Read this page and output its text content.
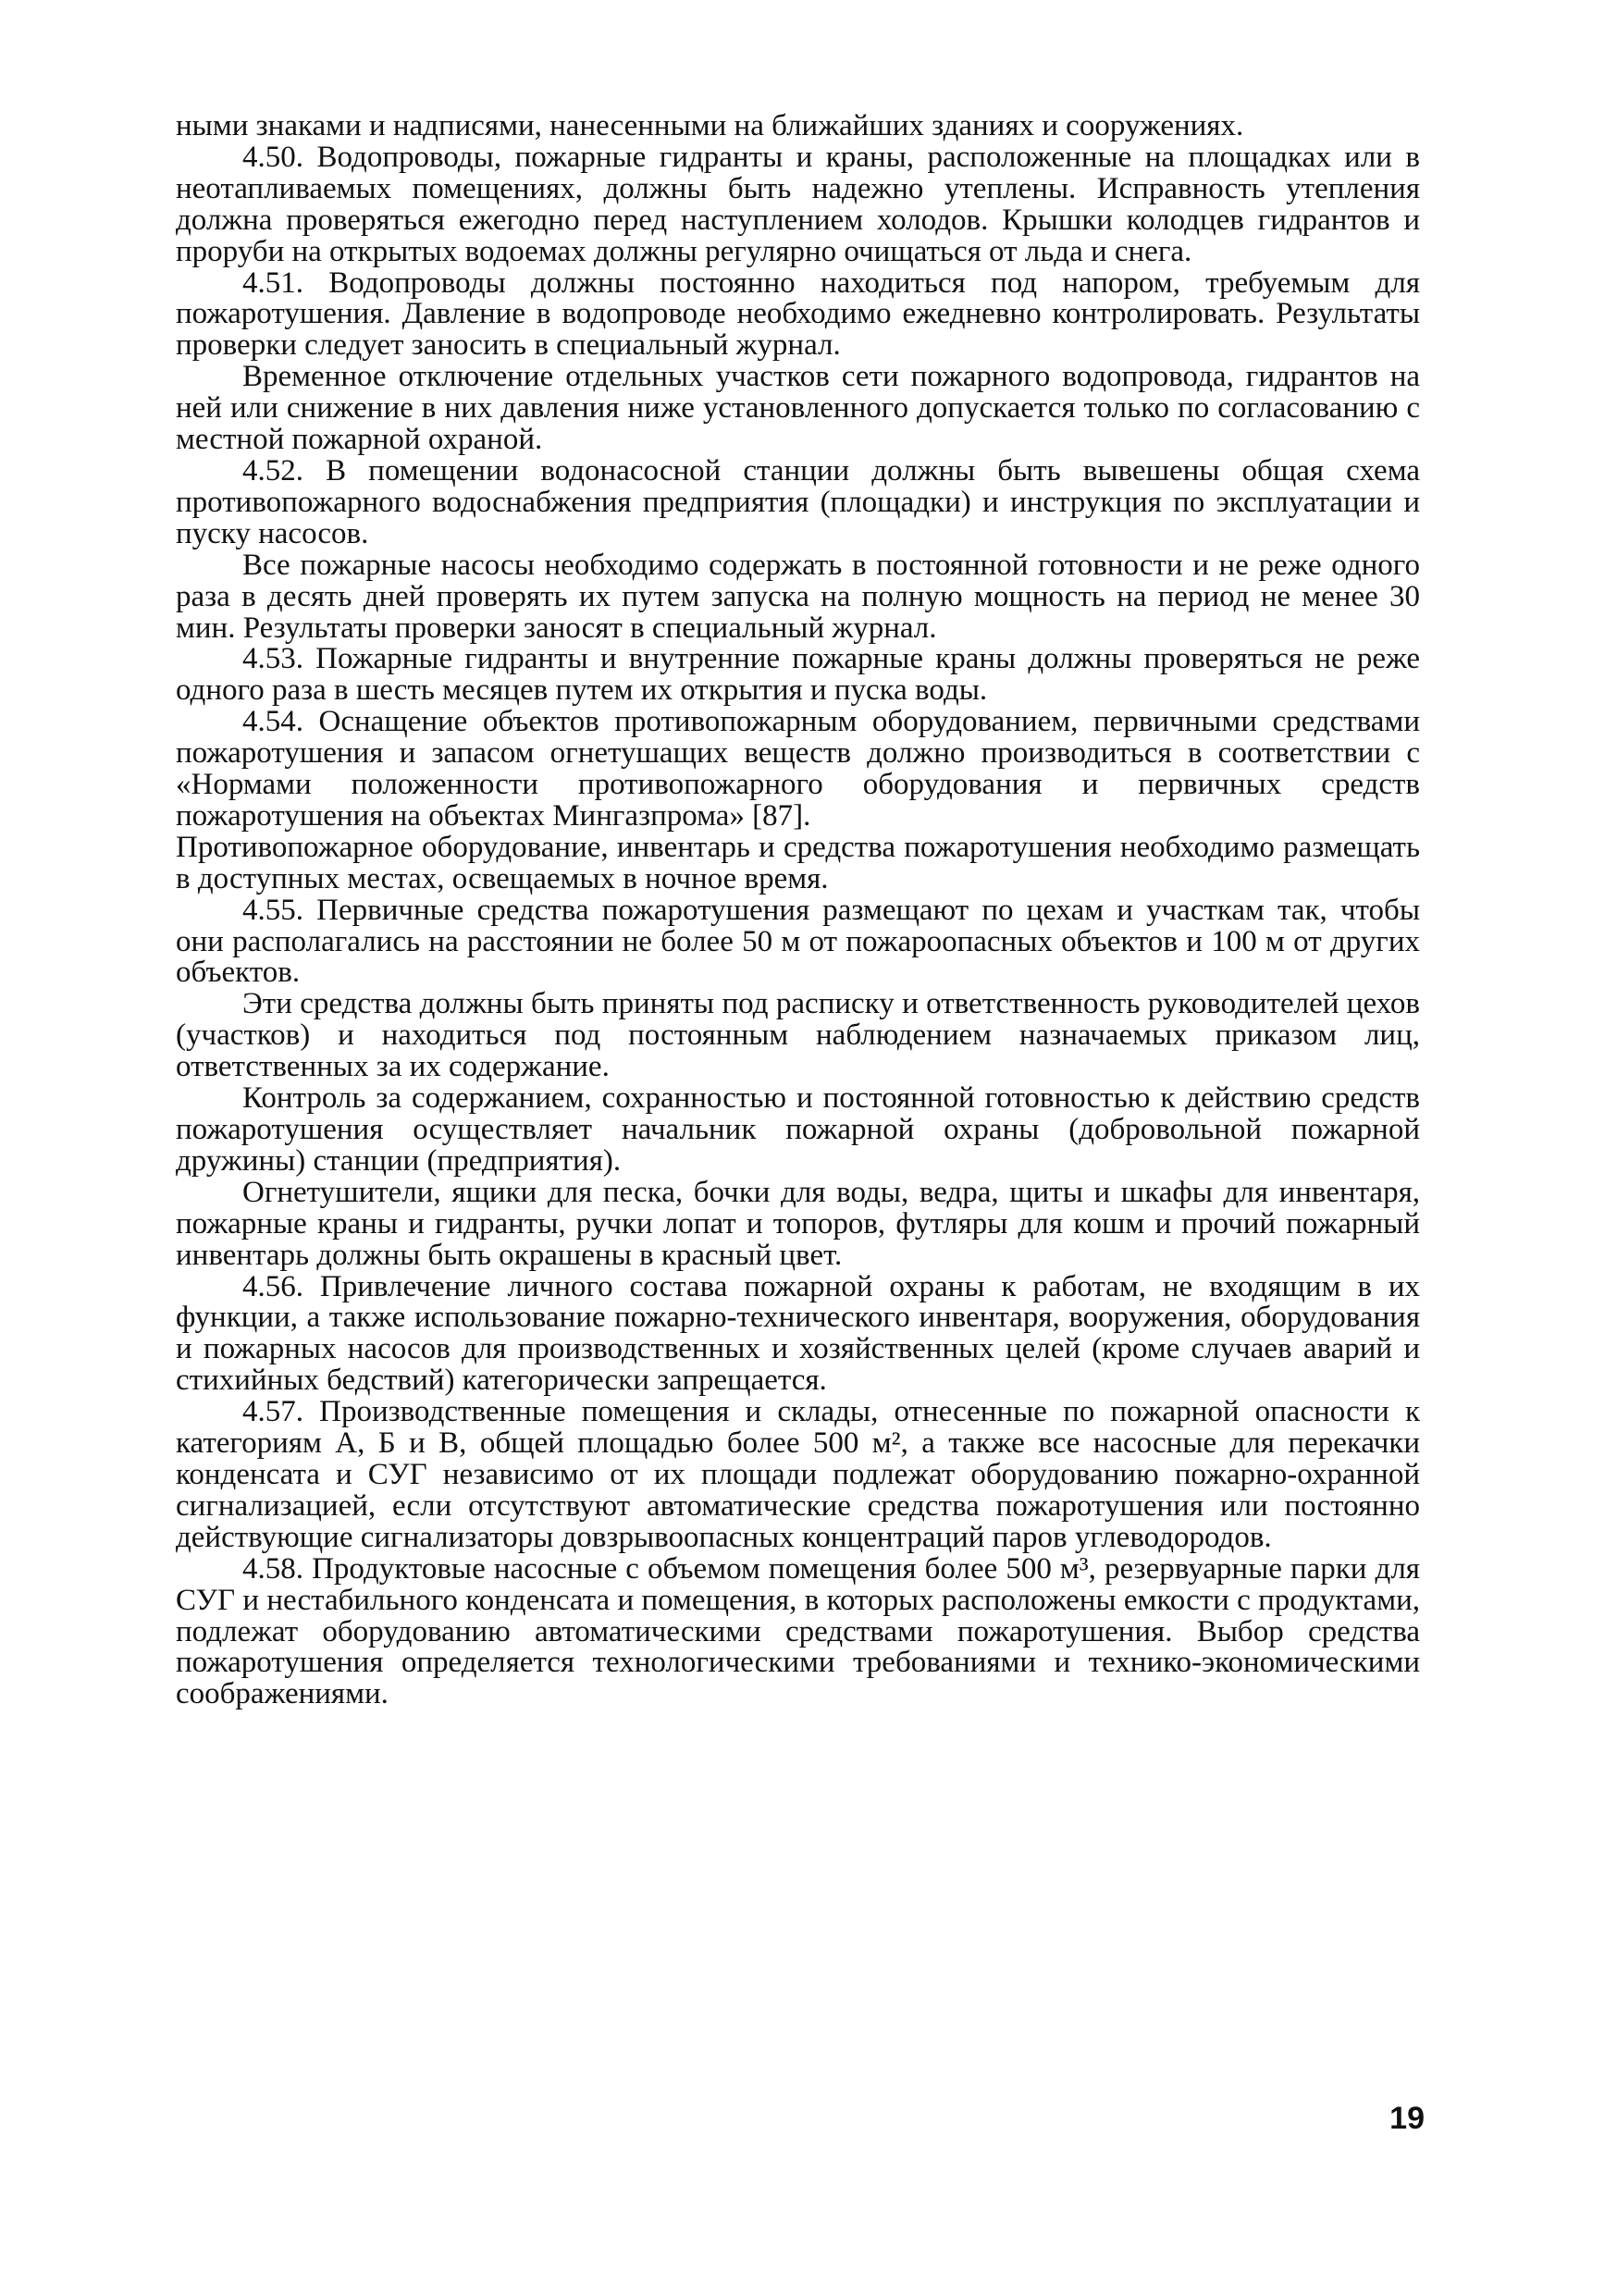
ными знаками и надписями, нанесенными на ближайших зданиях и сооружениях.

4.50. Водопроводы, пожарные гидранты и краны, расположенные на площадках или в неотапливаемых помещениях, должны быть надежно утеплены. Исправность утепления должна проверяться ежегодно перед наступлением холодов. Крышки колодцев гидрантов и проруби на открытых водоемах должны регулярно очищаться от льда и снега.

4.51. Водопроводы должны постоянно находиться под напором, требуемым для пожаротушения. Давление в водопроводе необходимо ежедневно контролировать. Результаты проверки следует заносить в специальный журнал.

Временное отключение отдельных участков сети пожарного водопровода, гидрантов на ней или снижение в них давления ниже установленного допускается только по согласованию с местной пожарной охраной.

4.52. В помещении водонасосной станции должны быть вывешены общая схема противопожарного водоснабжения предприятия (площадки) и инструкция по эксплуатации и пуску насосов.

Все пожарные насосы необходимо содержать в постоянной готовности и не реже одного раза в десять дней проверять их путем запуска на полную мощность на период не менее 30 мин. Результаты проверки заносят в специальный журнал.

4.53. Пожарные гидранты и внутренние пожарные краны должны проверяться не реже одного раза в шесть месяцев путем их открытия и пуска воды.

4.54. Оснащение объектов противопожарным оборудованием, первичными средствами пожаротушения и запасом огнетушащих веществ должно производиться в соответствии с «Нормами положенности противопожарного оборудования и первичных средств пожаротушения на объектах Мингазпрома» [87].

Противопожарное оборудование, инвентарь и средства пожаротушения необходимо размещать в доступных местах, освещаемых в ночное время.

4.55. Первичные средства пожаротушения размещают по цехам и участкам так, чтобы они располагались на расстоянии не более 50 м от пожароопасных объектов и 100 м от других объектов.

Эти средства должны быть приняты под расписку и ответственность руководителей цехов (участков) и находиться под постоянным наблюдением назначаемых приказом лиц, ответственных за их содержание.

Контроль за содержанием, сохранностью и постоянной готовностью к действию средств пожаротушения осуществляет начальник пожарной охраны (добровольной пожарной дружины) станции (предприятия).

Огнетушители, ящики для песка, бочки для воды, ведра, щиты и шкафы для инвентаря, пожарные краны и гидранты, ручки лопат и топоров, футляры для кошм и прочий пожарный инвентарь должны быть окрашены в красный цвет.

4.56. Привлечение личного состава пожарной охраны к работам, не входящим в их функции, а также использование пожарно-технического инвентаря, вооружения, оборудования и пожарных насосов для производственных и хозяйственных целей (кроме случаев аварий и стихийных бедствий) категорически запрещается.

4.57. Производственные помещения и склады, отнесенные по пожарной опасности к категориям А, Б и В, общей площадью более 500 м², а также все насосные для перекачки конденсата и СУГ независимо от их площади подлежат оборудованию пожарно-охранной сигнализацией, если отсутствуют автоматические средства пожаротушения или постоянно действующие сигнализаторы довзрывоопасных концентраций паров углеводородов.

4.58. Продуктовые насосные с объемом помещения более 500 м³, резервуарные парки для СУГ и нестабильного конденсата и помещения, в которых расположены емкости с продуктами, подлежат оборудованию автоматическими средствами пожаротушения. Выбор средства пожаротушения определяется технологическими требованиями и технико-экономическими соображениями.

19
